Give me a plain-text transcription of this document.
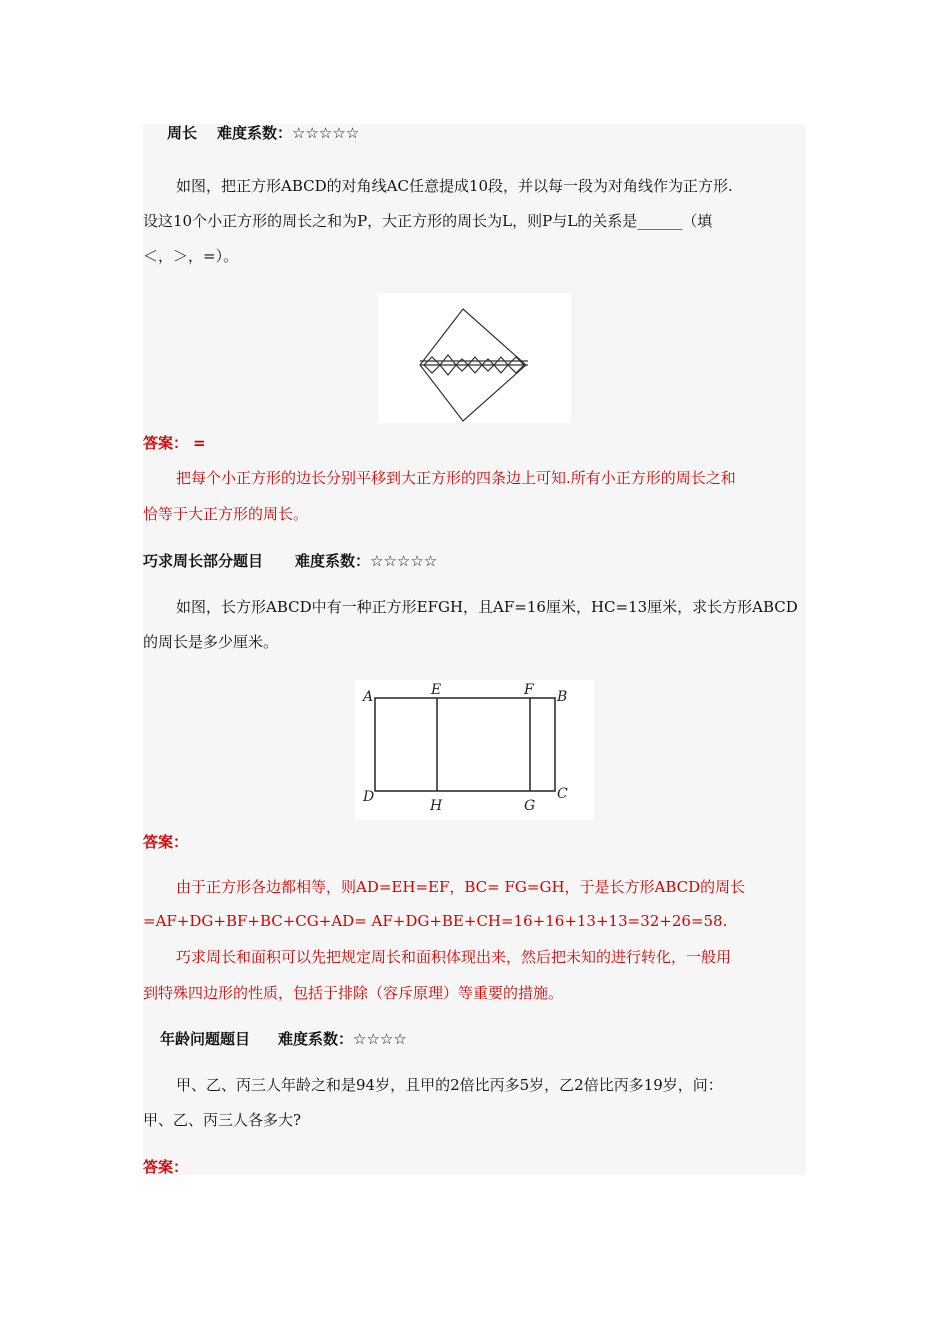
周长 难度系数：☆☆☆☆☆
如图，把正方形ABCD的对角线AC任意提成10段，并以每一段为对角线作为正方形.
设这10个小正方形的周长之和为P，大正方形的周长为L，则P与L的关系是______（填
＜，＞，=）。
答案： =
把每个小正方形的边长分别平移到大正方形的四条边上可知.所有小正方形的周长之和
恰等于大正方形的周长。
巧求周长部分题目 难度系数：☆☆☆☆☆
如图，长方形ABCD中有一种正方形EFGH，且AF=16厘米，HC=13厘米，求长方形ABCD
的周长是多少厘米。
A	E	F B
D
H	G
C
答案：
由于正方形各边都相等，则AD=EH=EF，BC= FG=GH，于是长方形ABCD的周长
=AF+DG+BF+BC+CG+AD= AF+DG+BE+CH=16+16+13+13=32+26=58.
巧求周长和面积可以先把规定周长和面积体现出来，然后把未知的进行转化，一般用
到特殊四边形的性质，包括于排除（容斥原理）等重要的措施。
年龄问题题目 难度系数：☆☆☆☆
甲、乙、丙三人年龄之和是94岁，且甲的2倍比丙多5岁，乙2倍比丙多19岁，问：
甲、乙、丙三人各多大?
答案：
